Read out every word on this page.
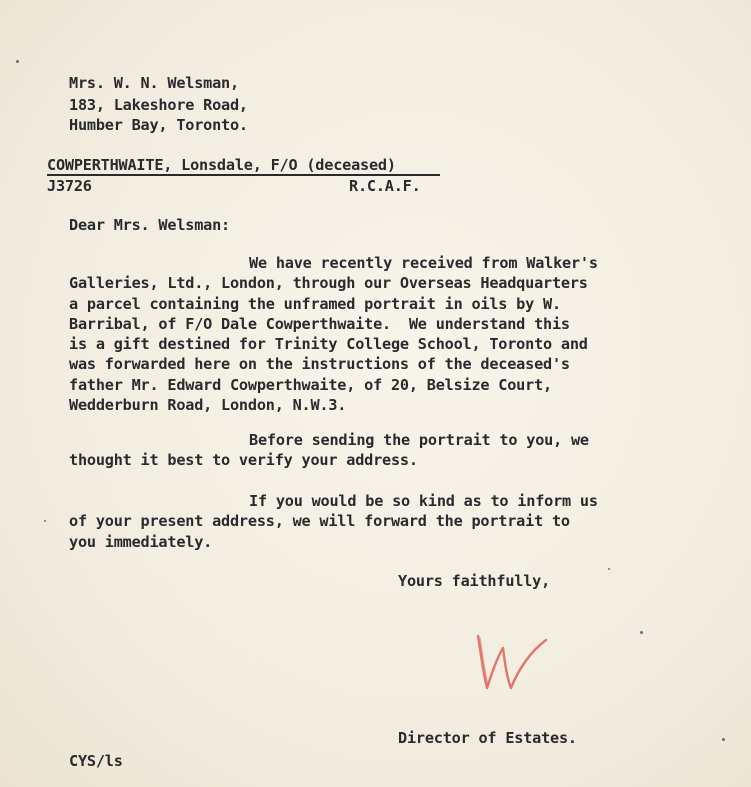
Mrs. W. N. Welsman,
183, Lakeshore Road,
Humber Bay, Toronto.
COWPERTHWAITE, Lonsdale, F/O (deceased)
J3726	R.C.A.F.
Dear Mrs. Welsman:
We have recently received from Walker's
Galleries, Ltd., London, through our Overseas Headquarters
a parcel containing the unframed portrait in oils by W.
Barribal, of F/O Dale Cowperthwaite.  We understand this
is a gift destined for Trinity College School, Toronto and
was forwarded here on the instructions of the deceased's
father Mr. Edward Cowperthwaite, of 20, Belsize Court,
Wedderburn Road, London, N.W.3.
Before sending the portrait to you, we
thought it best to verify your address.
If you would be so kind as to inform us
of your present address, we will forward the portrait to
you immediately.
Yours faithfully,
Director of Estates.
CYS/ls
